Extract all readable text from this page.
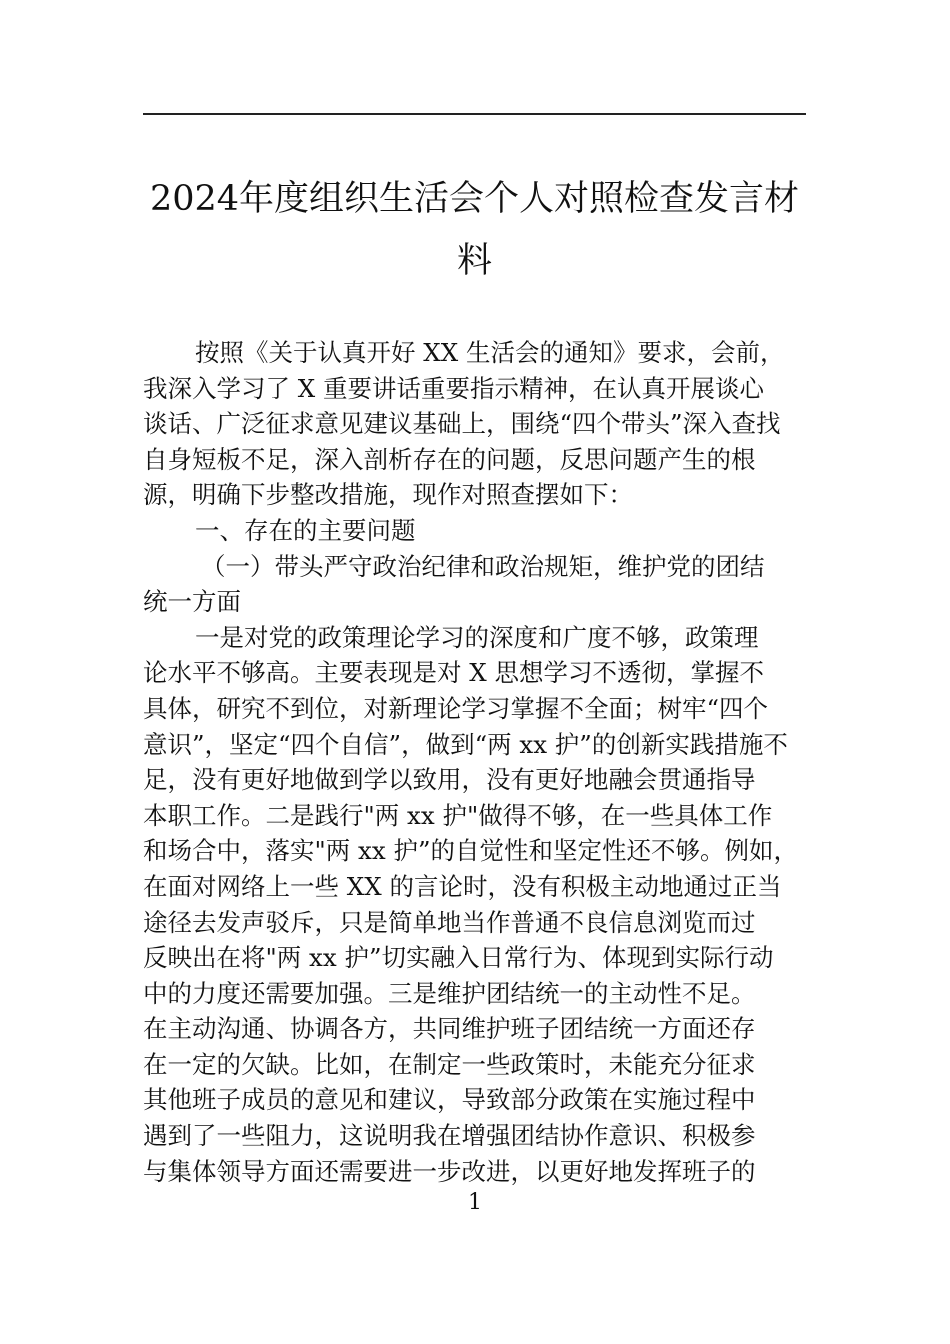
2024年度组织生活会个人对照检查发言材
料
按照《关于认真开好 XX 生活会的通知》要求，会前，
我深入学习了 X 重要讲话重要指示精神，在认真开展谈心
谈话、广泛征求意见建议基础上，围绕“四个带头”深入查找
自身短板不足，深入剖析存在的问题，反思问题产生的根
源，明确下步整改措施，现作对照查摆如下：
一、存在的主要问题
（一）带头严守政治纪律和政治规矩，维护党的团结
统一方面
一是对党的政策理论学习的深度和广度不够，政策理
论水平不够高。主要表现是对 X 思想学习不透彻，掌握不
具体，研究不到位，对新理论学习掌握不全面；树牢“四个
意识”，坚定“四个自信”，做到“两 xx 护”的创新实践措施不
足，没有更好地做到学以致用，没有更好地融会贯通指导
本职工作。二是践行"两 xx 护"做得不够，在一些具体工作
和场合中，落实"两 xx 护”的自觉性和坚定性还不够。例如，
在面对网络上一些 XX 的言论时，没有积极主动地通过正当
途径去发声驳斥，只是简单地当作普通不良信息浏览而过
反映出在将"两 xx 护”切实融入日常行为、体现到实际行动
中的力度还需要加强。三是维护团结统一的主动性不足。
在主动沟通、协调各方，共同维护班子团结统一方面还存
在一定的欠缺。比如，在制定一些政策时，未能充分征求
其他班子成员的意见和建议，导致部分政策在实施过程中
遇到了一些阻力，这说明我在增强团结协作意识、积极参
与集体领导方面还需要进一步改进，以更好地发挥班子的
1
